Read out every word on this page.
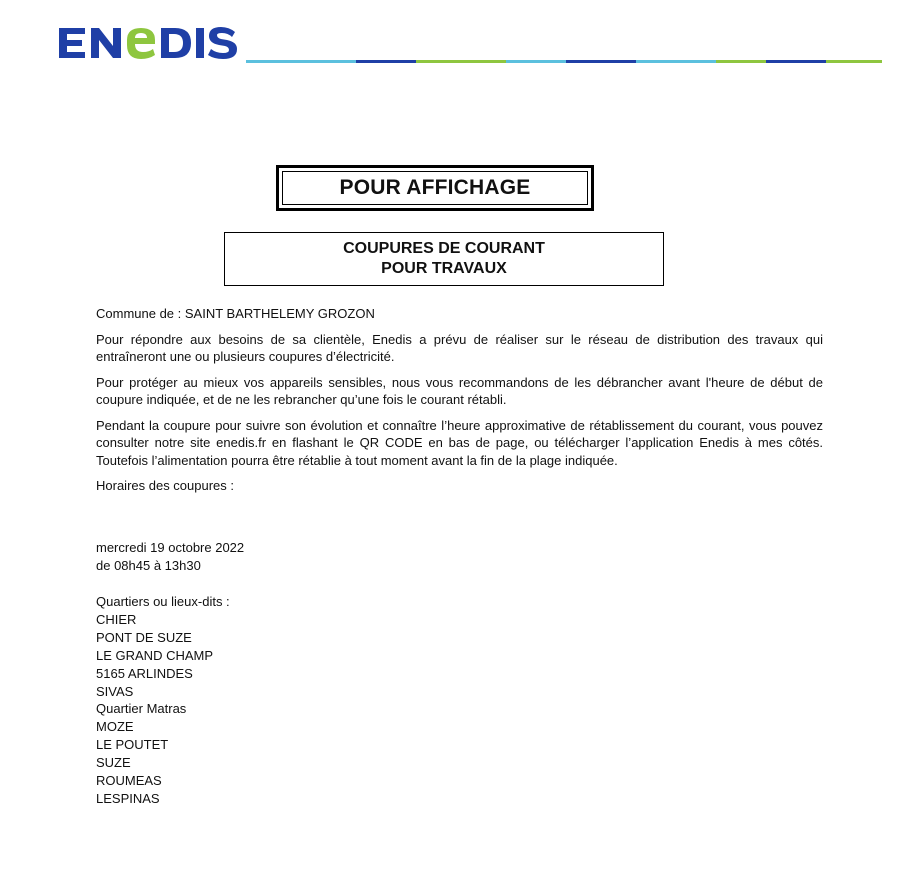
POUR AFFICHAGE
COUPURES DE COURANT
POUR TRAVAUX

Commune de : SAINT BARTHELEMY GROZON

Pour répondre aux besoins de sa clientèle, Enedis a prévu de réaliser sur le réseau de distribution des travaux qui entraîneront une ou plusieurs coupures d’électricité.

Pour protéger au mieux vos appareils sensibles, nous vous recommandons de les débrancher avant l'heure de début de coupure indiquée, et de ne les rebrancher qu’une fois le courant rétabli.

Pendant la coupure pour suivre son évolution et connaître l’heure approximative de rétablissement du courant, vous pouvez consulter notre site enedis.fr en flashant le QR CODE en bas de page, ou télécharger l’application Enedis à mes côtés. Toutefois l’alimentation pourra être rétablie à tout moment avant la fin de la plage indiquée.

Horaires des coupures :

mercredi 19 octobre 2022
de 08h45 à 13h30
Quartiers ou lieux-dits :
CHIER
PONT DE SUZE
LE GRAND CHAMP
5165 ARLINDES
SIVAS
Quartier Matras
MOZE
LE POUTET
SUZE
ROUMEAS
LESPINAS
